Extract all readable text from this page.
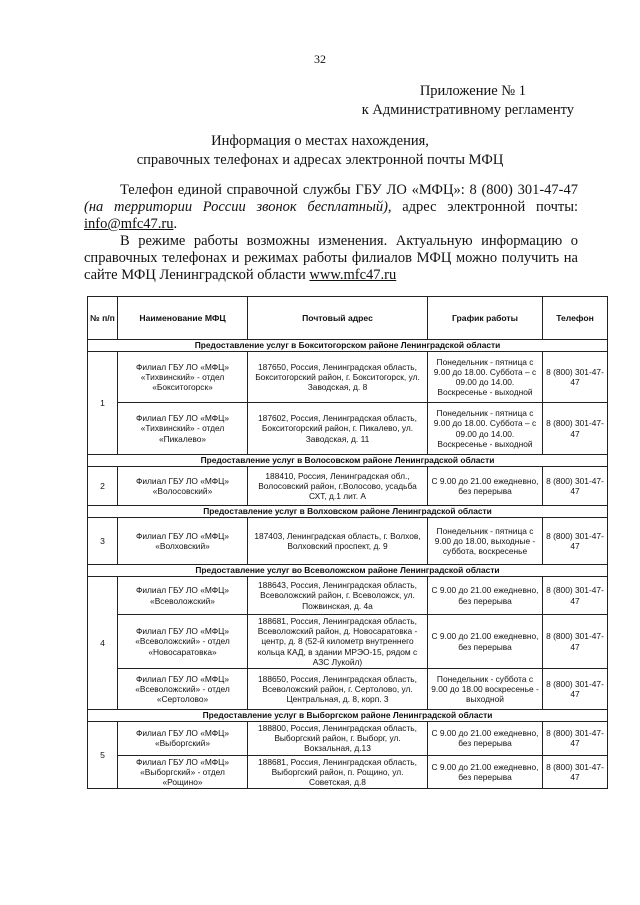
32
Приложение № 1
к Административному регламенту
Информация о местах нахождения,
справочных телефонах и адресах электронной почты МФЦ

Телефон единой справочной службы ГБУ ЛО «МФЦ»: 8 (800) 301-47-47 (на территории России звонок бесплатный), адрес электронной почты: info@mfc47.ru.

В режиме работы возможны изменения. Актуальную информацию о справочных телефонах и режимах работы филиалов МФЦ можно получить на сайте МФЦ Ленинградской области www.mfc47.ru

№ п/п	Наименование МФЦ	Почтовый адрес	График работы	Телефон
Предоставление услуг в Бокситогорском районе Ленинградской области				
1	Филиал ГБУ ЛО «МФЦ» «Тихвинский» - отдел «Бокситогорск»	187650, Россия, Ленинградская область, Бокситогорский район, г. Бокситогорск, ул. Заводская, д. 8	Понедельник - пятница с 9.00 до 18.00. Суббота – с 09.00 до 14.00. Воскресенье - выходной	8 (800) 301-47-47
	Филиал ГБУ ЛО «МФЦ» «Тихвинский» - отдел «Пикалево»	187602, Россия, Ленинградская область, Бокситогорский район, г. Пикалево, ул. Заводская, д. 11	Понедельник - пятница с 9.00 до 18.00. Суббота – с 09.00 до 14.00. Воскресенье - выходной	8 (800) 301-47-47
Предоставление услуг в Волосовском районе Ленинградской области				
2	Филиал ГБУ ЛО «МФЦ» «Волосовский»	188410, Россия, Ленинградская обл., Волосовский район, г.Волосово, усадьба СХТ, д.1 лит. А	С 9.00 до 21.00 ежедневно, без перерыва	8 (800) 301-47-47
Предоставление услуг в Волховском районе Ленинградской области				
3	Филиал ГБУ ЛО «МФЦ» «Волховский»	187403, Ленинградская область, г. Волхов, Волховский проспект, д. 9	Понедельник - пятница с 9.00 до 18.00, выходные - суббота, воскресенье	8 (800) 301-47-47
Предоставление услуг во Всеволожском районе Ленинградской области				
4	Филиал ГБУ ЛО «МФЦ» «Всеволожский»	188643, Россия, Ленинградская область, Всеволожский район, г. Всеволожск, ул. Пожвинская, д. 4а	С 9.00 до 21.00 ежедневно, без перерыва	8 (800) 301-47-47
	Филиал ГБУ ЛО «МФЦ» «Всеволожский» - отдел «Новосаратовка»	188681, Россия, Ленинградская область, Всеволожский район, д. Новосаратовка - центр, д. 8 (52-й километр внутреннего кольца КАД, в здании МРЭО-15, рядом с АЗС Лукойл)	С 9.00 до 21.00 ежедневно, без перерыва	8 (800) 301-47-47
	Филиал ГБУ ЛО «МФЦ» «Всеволожский» - отдел «Сертолово»	188650, Россия, Ленинградская область, Всеволожский район, г. Сертолово, ул. Центральная, д. 8, корп. 3	Понедельник - суббота с 9.00 до 18.00 воскресенье - выходной	8 (800) 301-47-47
Предоставление услуг в Выборгском районе Ленинградской области				
5	Филиал ГБУ ЛО «МФЦ» «Выборгский»	188800, Россия, Ленинградская область, Выборгский район, г. Выборг, ул. Вокзальная, д.13	С 9.00 до 21.00 ежедневно, без перерыва	8 (800) 301-47-47
	Филиал ГБУ ЛО «МФЦ» «Выборгский» - отдел «Рощино»	188681, Россия, Ленинградская область, Выборгский район, п. Рощино, ул. Советская, д.8	С 9.00 до 21.00 ежедневно, без перерыва	8 (800) 301-47-47
